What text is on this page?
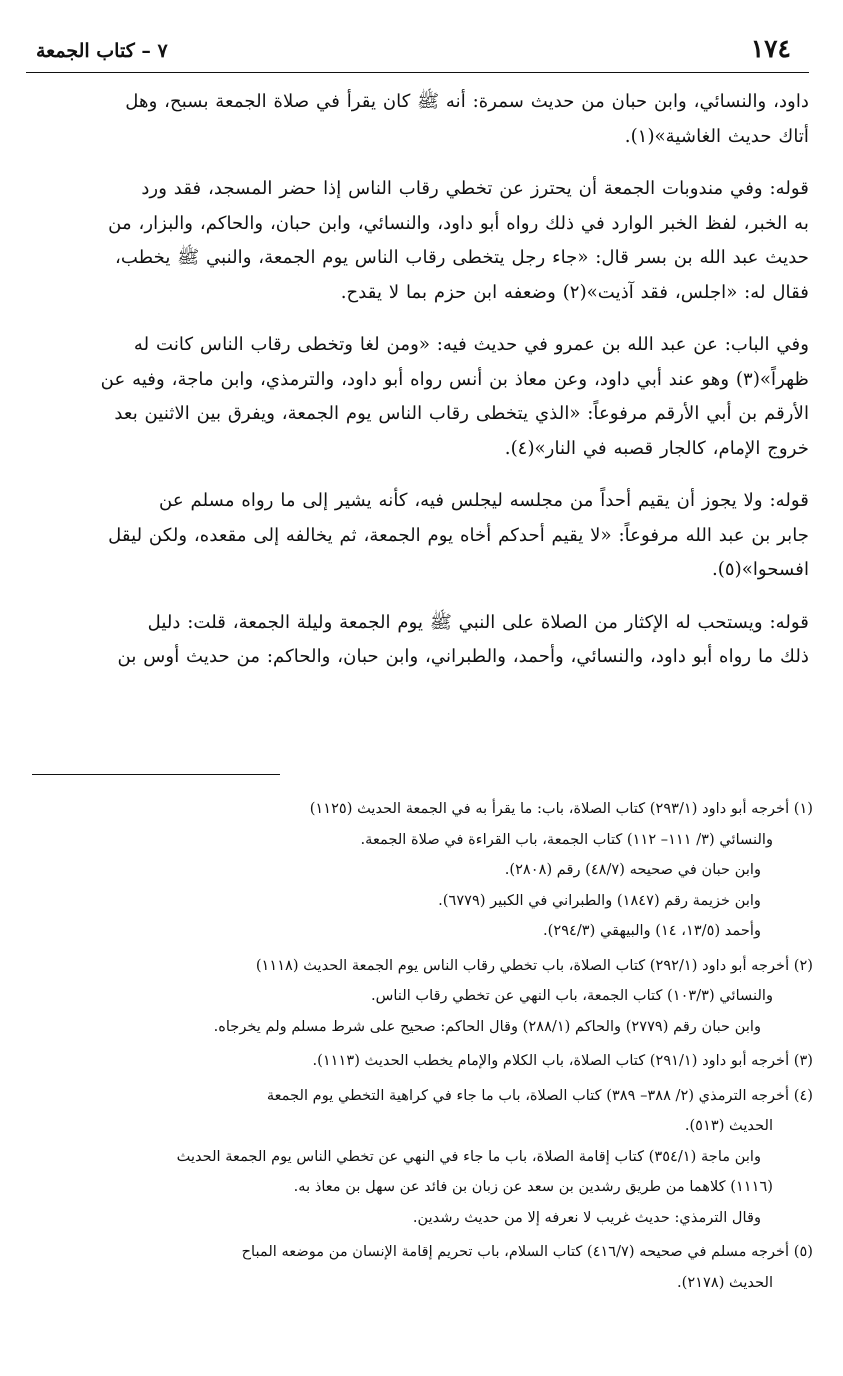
١٧٤
٧ – كتاب الجمعة

داود، والنسائي، وابن حبان من حديث سمرة: أنه ﷺ كان يقرأ في صلاة الجمعة بسبح، وهل

أتاك حديث الغاشية»(١).

قوله: وفي مندوبات الجمعة أن يحترز عن تخطي رقاب الناس إذا حضر المسجد، فقد ورد

به الخبر، لفظ الخبر الوارد في ذلك رواه أبو داود، والنسائي، وابن حبان، والحاكم، والبزار، من

حديث عبد الله بن بسر قال: «جاء رجل يتخطى رقاب الناس يوم الجمعة، والنبي ﷺ يخطب،

فقال له: «اجلس، فقد آذيت»(٢) وضعفه ابن حزم بما لا يقدح.

وفي الباب: عن عبد الله بن عمرو في حديث فيه: «ومن لغا وتخطى رقاب الناس كانت له

ظهراً»(٣) وهو عند أبي داود، وعن معاذ بن أنس رواه أبو داود، والترمذي، وابن ماجة، وفيه عن

الأرقم بن أبي الأرقم مرفوعاً: «الذي يتخطى رقاب الناس يوم الجمعة، ويفرق بين الاثنين بعد

خروج الإمام، كالجار قصبه في النار»(٤).

قوله: ولا يجوز أن يقيم أحداً من مجلسه ليجلس فيه، كأنه يشير إلى ما رواه مسلم عن

جابر بن عبد الله مرفوعاً: «لا يقيم أحدكم أخاه يوم الجمعة، ثم يخالفه إلى مقعده، ولكن ليقل

افسحوا»(٥).

قوله: ويستحب له الإكثار من الصلاة على النبي ﷺ يوم الجمعة وليلة الجمعة، قلت: دليل

ذلك ما رواه أبو داود، والنسائي، وأحمد، والطبراني، وابن حبان، والحاكم: من حديث أوس بن

(١) أخرجه أبو داود (٢٩٣/١) كتاب الصلاة، باب: ما يقرأ به في الجمعة الحديث (١١٢٥)
والنسائي (٣/ ١١١– ١١٢) كتاب الجمعة، باب القراءة في صلاة الجمعة.
وابن حبان في صحيحه (٤٨/٧) رقم (٢٨٠٨).
وابن خزيمة رقم (١٨٤٧) والطبراني في الكبير (٦٧٧٩).
وأحمد (١٣/٥، ١٤) والبيهقي (٢٩٤/٣).
(٢) أخرجه أبو داود (٢٩٢/١) كتاب الصلاة، باب تخطي رقاب الناس يوم الجمعة الحديث (١١١٨)
والنسائي (١٠٣/٣) كتاب الجمعة، باب النهي عن تخطي رقاب الناس.
وابن حبان رقم (٢٧٧٩) والحاكم (٢٨٨/١) وقال الحاكم: صحيح على شرط مسلم ولم يخرجاه.
(٣) أخرجه أبو داود (٢٩١/١) كتاب الصلاة، باب الكلام والإمام يخطب الحديث (١١١٣).
(٤) أخرجه الترمذي (٢/ ٣٨٨– ٣٨٩) كتاب الصلاة، باب ما جاء في كراهية التخطي يوم الجمعة
الحديث (٥١٣).
وابن ماجة (٣٥٤/١) كتاب إقامة الصلاة، باب ما جاء في النهي عن تخطي الناس يوم الجمعة الحديث
(١١١٦) كلاهما من طريق رشدين بن سعد عن زبان بن فائد عن سهل بن معاذ به.
وقال الترمذي: حديث غريب لا نعرفه إلا من حديث رشدين.
(٥) أخرجه مسلم في صحيحه (٤١٦/٧) كتاب السلام، باب تحريم إقامة الإنسان من موضعه المباح
الحديث (٢١٧٨).
